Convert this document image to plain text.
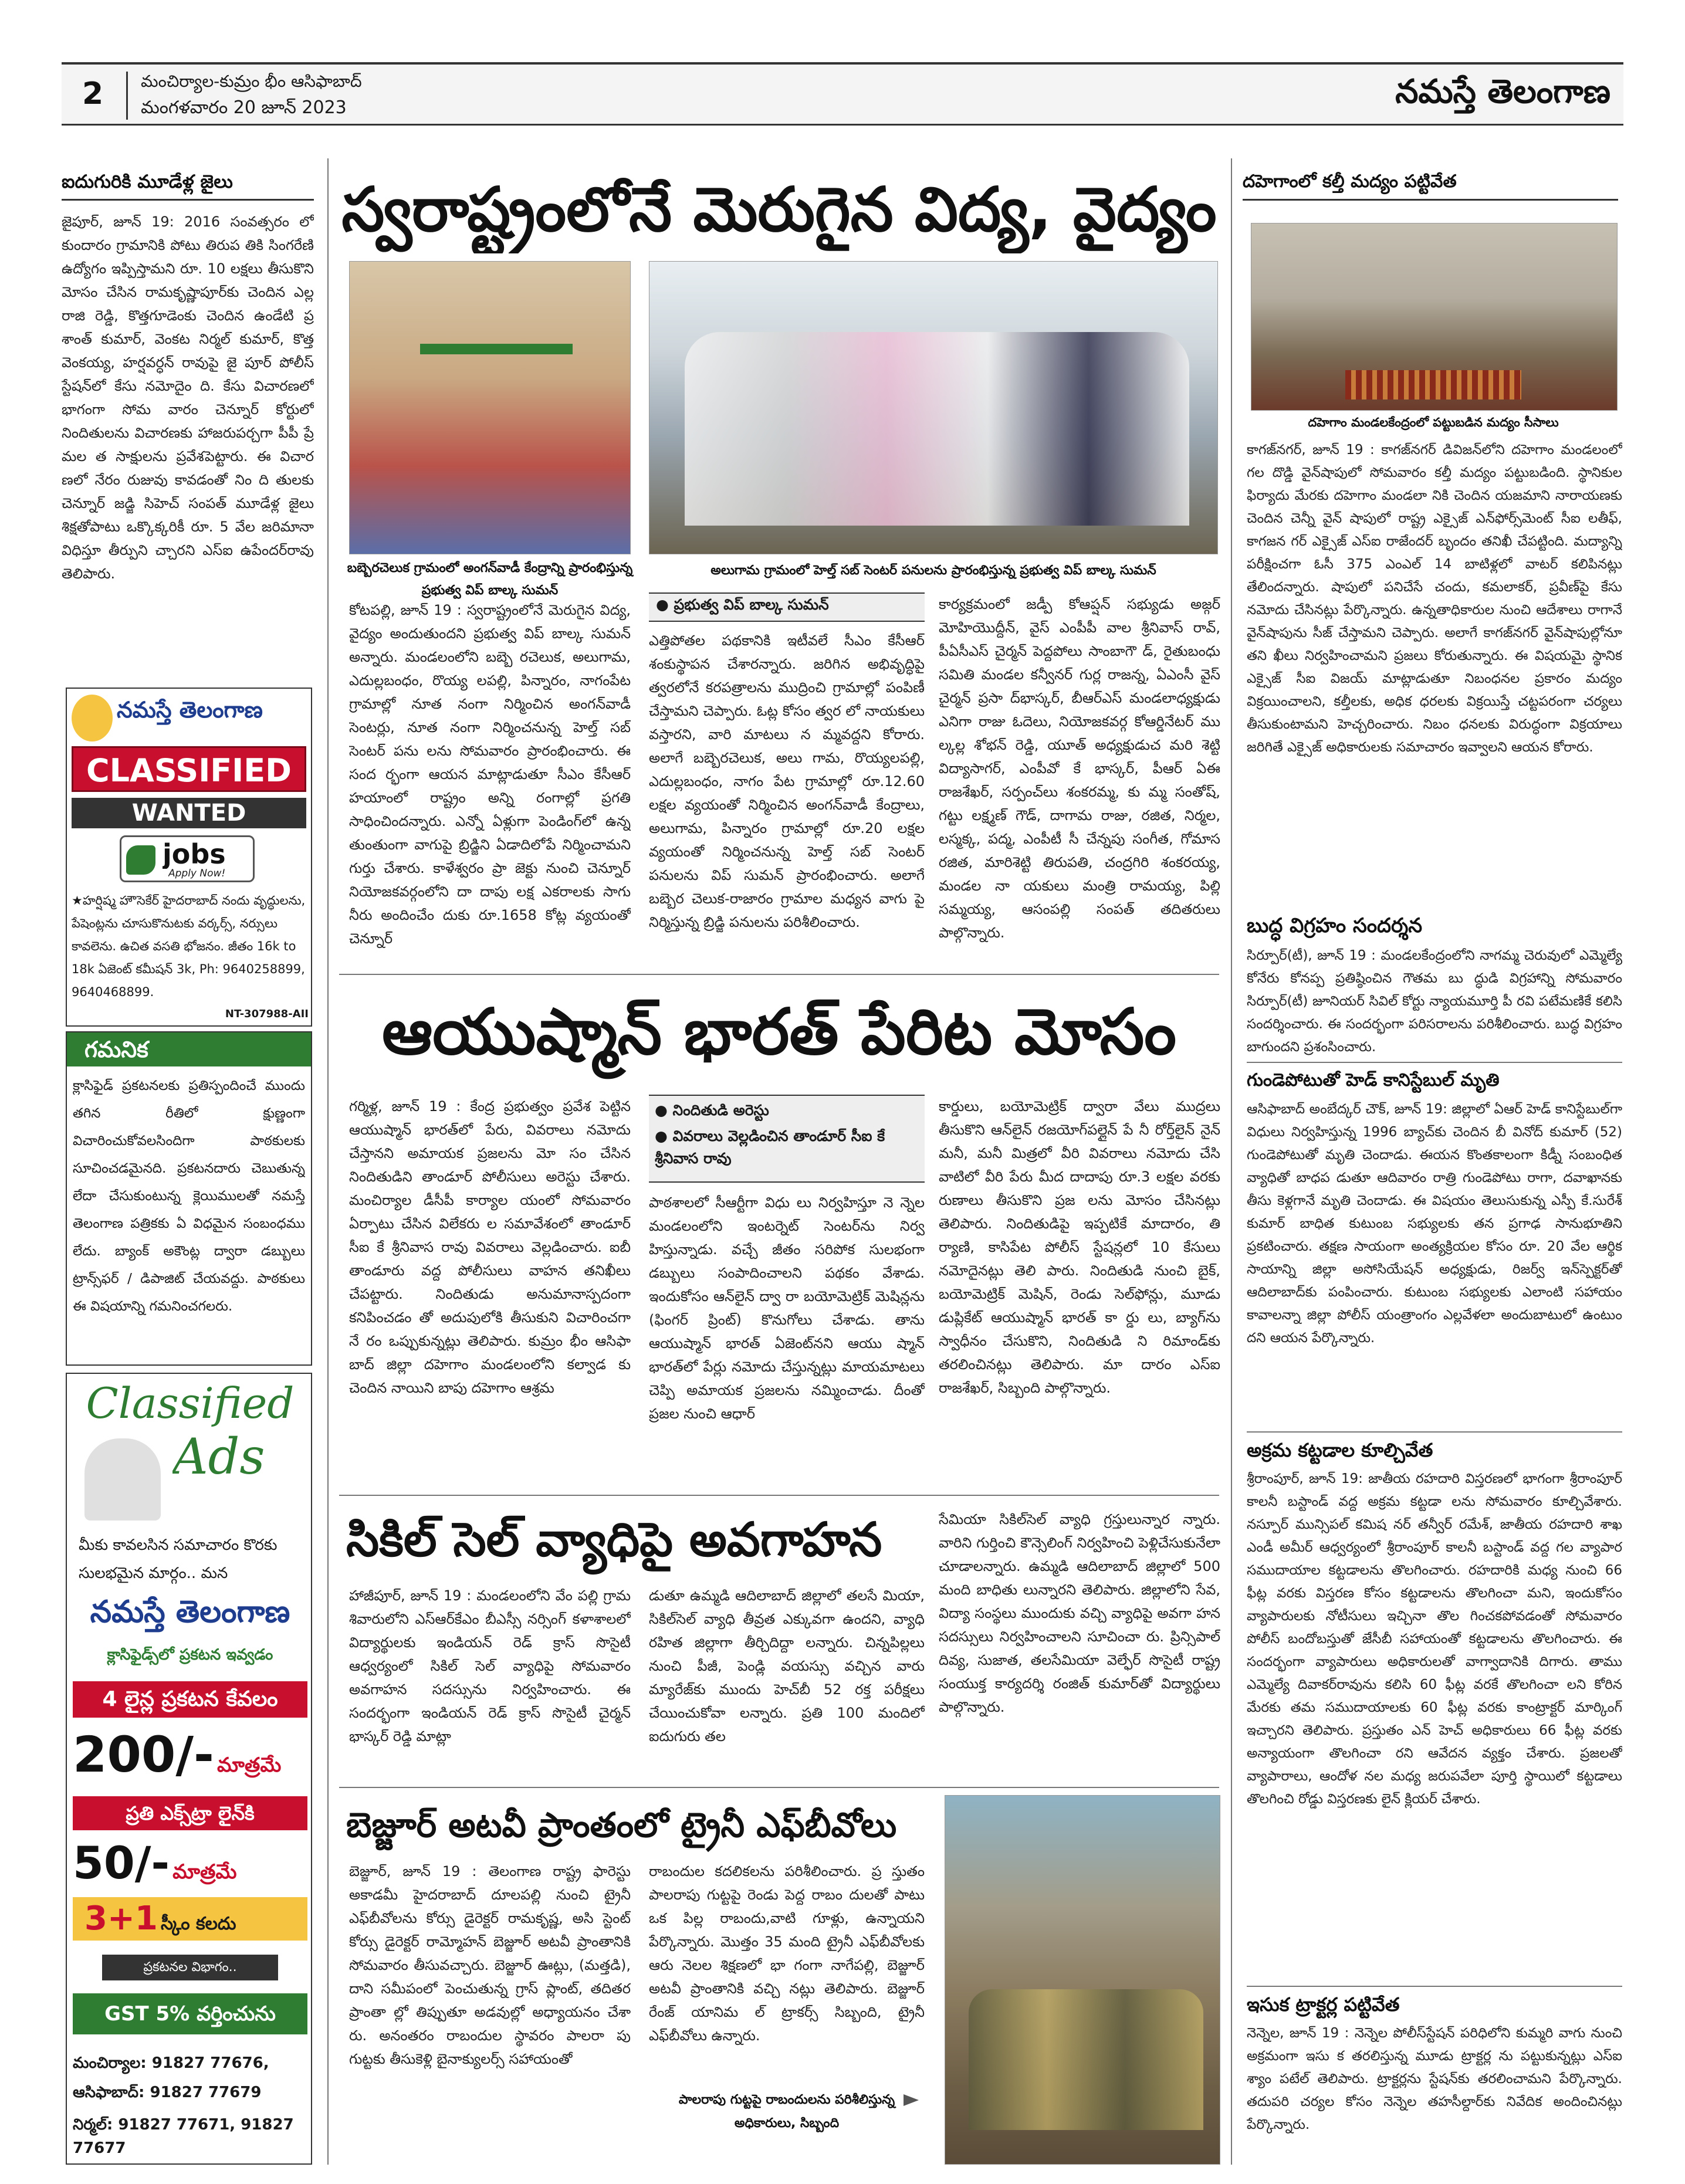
2	మంచిర్యాల-కుమ్రం భీం ఆసిఫాబాద్
మంగళవారం 20 జూన్ 2023	నమస్తే తెలంగాణ
ఐదుగురికి మూడేళ్ల జైలు
జైపూర్, జూన్ 19: 2016 సంవత్సరం లో కుందారం గ్రామానికి పోటు తిరుప తికి సింగరేణి ఉద్యోగం ఇప్పిస్తామని రూ. 10 లక్షలు తీసుకొని మోసం చేసిన రామకృష్ణాపూర్‌కు చెందిన ఎల్ల రాజి రెడ్డి, కొత్తగూడెంకు చెందిన ఉండేటి ప్ర శాంత్ కుమార్, వెంకట నిర్మల్ కుమార్, కొత్త వెంకయ్య, హర్షవర్ధన్ రావుపై జై పూర్ పోలీస్ స్టేషన్‌లో కేసు నమోదైం ది. కేసు విచారణలో భాగంగా సోమ వారం చెన్నూర్ కోర్టులో నిందితులను విచారణకు హాజరుపర్చగా పీపీ ప్రే మల త సాక్షులను ప్రవేశపెట్టారు. ఈ విచార ణలో నేరం రుజువు కావడంతో నిం ది తులకు చెన్నూర్ జడ్జి సిహెచ్ సంపత్ మూడేళ్ల జైలు శిక్షతోపాటు ఒక్కొక్కరికీ రూ. 5 వేల జరిమానా విధిస్తూ తీర్పుని చ్చారని ఎస్ఐ ఉపేందర్‌రావు తెలిపారు.
నమస్తే తెలంగాణ
CLASSIFIED
WANTED
jobs
Apply Now!
★హర్షిష్మ హౌసెకేర్ హైదరాబాద్ నందు వృద్ధులను, పేషెంట్లను చూసుకొనుటకు వర్కర్స్, నర్సులు కావలెను. ఉచిత వసతి భోజనం. జీతం 16k to 18k ఏజెంట్ కమీషన్ 3k, Ph: 9640258899, 9640468899.
NT-307988-AII
గమనిక
క్లాసిఫైడ్ ప్రకటనలకు ప్రతిస్పందించే ముందు తగిన రీతిలో క్షుణ్ణంగా విచారించుకోవలసిందిగా పాఠకులకు సూచించడమైనది. ప్రకటనదారు చెబుతున్న లేదా చేసుకుంటున్న క్లెయిములతో నమస్తే తెలంగాణ పత్రికకు ఏ విధమైన సంబంధము లేదు. బ్యాంక్ అకౌంట్ల ద్వారా డబ్బులు ట్రాన్స్‌ఫర్ / డిపాజిట్ చేయవద్దు. పాఠకులు ఈ విషయాన్ని గమనించగలరు.
Classified
Ads
మీకు కావలసిన సమాచారం కొరకు సులభమైన మార్గం.. మన
నమస్తే తెలంగాణ
క్లాసిఫైడ్స్‌లో ప్రకటన ఇవ్వడం
4 లైన్ల ప్రకటన కేవలం
200/- మాత్రమే
ప్రతి ఎక్స్‌ట్రా లైన్‌కి
50/- మాత్రమే
3+1 స్కీం కలదు
ప్రకటనల విభాగం..
GST 5% వర్తించును
మంచిర్యాల: 91827 77676, ఆసిఫాబాద్: 91827 77679
నిర్మల్: 91827 77671, 91827 77677
స్వరాష్ట్రంలోనే మెరుగైన విద్య, వైద్యం
బబ్బెరచెలుక గ్రామంలో అంగన్‌వాడీ కేంద్రాన్ని ప్రారంభిస్తున్న ప్రభుత్వ విప్ బాల్క సుమన్
అలుగామ గ్రామంలో హెల్త్ సబ్ సెంటర్ పనులను ప్రారంభిస్తున్న ప్రభుత్వ విప్ బాల్క సుమన్
కోటపల్లి, జూన్ 19 : స్వరాష్ట్రంలోనే మెరుగైన విద్య, వైద్యం అందుతుందని ప్రభుత్వ విప్ బాల్క సుమన్ అన్నారు. మండలంలోని బబ్బె రచెలుక, అలుగామ, ఎదుల్లబంధం, రొయ్య లపల్లి, పిన్నారం, నాగంపేట గ్రామాల్లో నూత నంగా నిర్మించిన అంగన్‌వాడీ సెంటర్లు, నూత నంగా నిర్మించనున్న హెల్త్ సబ్ సెంటర్ పను లను సోమవారం ప్రారంభించారు. ఈ సంద ర్భంగా ఆయన మాట్లాడుతూ సీఎం కేసీఆర్ హయాంలో రాష్ట్రం అన్ని రంగాల్లో ప్రగతి సాధించిందన్నారు. ఎన్నో ఏళ్లుగా పెండింగ్‌లో ఉన్న తుంతుంగా వాగుపై బ్రిడ్జిని ఏడాదిలోపే నిర్మించామని గుర్తు చేశారు. కాళేశ్వరం ప్రా జెక్టు నుంచి చెన్నూర్ నియోజకవర్గంలోని దా దాపు లక్ష ఎకరాలకు సాగు నీరు అందించేం దుకు రూ.1658 కోట్ల వ్యయంతో చెన్నూర్
● ప్రభుత్వ విప్ బాల్క సుమన్
ఎత్తిపోతల పథకానికి ఇటీవలే సీఎం కేసీఆర్ శంకుస్థాపన చేశారన్నారు. జరిగిన అభివృద్ధిపై త్వరలోనే కరపత్రాలను ముద్రించి గ్రామాల్లో పంపిణీ చేస్తామని చెప్పారు. ఓట్ల కోసం త్వర లో నాయకులు వస్తారని, వారి మాటలు న మ్మవద్దని కోరారు. అలాగే బబ్బెరచెలుక, అలు గామ, రొయ్యలపల్లి, ఎదుల్లబంధం, నాగం పేట గ్రామాల్లో రూ.12.60 లక్షల వ్యయంతో నిర్మించిన అంగన్‌వాడీ కేంద్రాలు, అలుగామ, పిన్నారం గ్రామాల్లో రూ.20 లక్షల వ్యయంతో నిర్మించనున్న హెల్త్ సబ్ సెంటర్ పనులను విప్ సుమన్ ప్రారంభించారు. అలాగే బబ్బెర చెలుక-రాజారం గ్రామాల మధ్యన వాగు పై నిర్మిస్తున్న బ్రిడ్జి పనులను పరిశీలించారు.
కార్యక్రమంలో జడ్పీ కోఆప్షన్ సభ్యుడు అజ్గర్ మోహియొద్దీన్, వైస్ ఎంపీపీ వాల శ్రీనివాస్ రావ్, పీఏసీఎస్ చైర్మన్ పెద్దపోలు సాంబాగౌ డ్, రైతుబంధు సమితి మండల కన్వీనర్ గుర్ల రాజన్న, ఏఎంసీ వైస్ చైర్మన్ ప్రసా ద్‌భాస్కర్, బీఆర్ఎస్ మండలాధ్యక్షుడు ఎనిగా రాజు ఓదెలు, నియోజకవర్గ కోఆర్డినేటర్ ము ల్కల్ల శోభన్ రెడ్డి, యూత్ అధ్యక్షుడుచ మరి శెట్టి విద్యాసాగర్, ఎంపీవో కే భాస్కర్, పీఆర్ ఏఈ రాజశేఖర్, సర్పంచ్‌లు శంకరమ్మ, కు మ్మ సంతోష్, గట్టు లక్ష్మణ్ గౌడ్, దాగామ రాజు, రజిత, నిర్మల, లస్మక్క, పద్మ, ఎంపీటీ సీ చేన్నపు సంగీత, గోమాస రజిత, మారిశెట్టి తిరుపతి, చంద్రగిరి శంకరయ్య, మండల నా యకులు మంత్రి రామయ్య, పిల్లి సమ్మయ్య, ఆసంపల్లి సంపత్ తదితరులు పాల్గొన్నారు.
ఆయుష్మాన్ భారత్ పేరిట మోసం
గర్మిళ్ల, జూన్ 19 : కేంద్ర ప్రభుత్వం ప్రవేశ పెట్టిన ఆయుష్మాన్ భారత్‌లో పేరు, వివరాలు నమోదు చేస్తానని అమాయక ప్రజలను మో సం చేసిన నిందితుడిని తాండూర్ పోలీసులు అరెస్టు చేశారు. మంచిర్యాల డీసీపీ కార్యాల యంలో సోమవారం ఏర్పాటు చేసిన విలేకరు ల సమావేశంలో తాండూర్ సీఐ కే శ్రీనివాస రావు వివరాలు వెల్లడించారు. ఐబీ తాండూరు వద్ద పోలీసులు వాహన తనిఖీలు చేపట్టారు. నిందితుడు అనుమానాస్పదంగా కనిపించడం తో అదుపులోకి తీసుకుని విచారించగా నే రం ఒప్పుకున్నట్లు తెలిపారు. కుమ్రం భీం ఆసిఫా బాద్ జిల్లా దహెగాం మండలంలోని కల్వాడ కు చెందిన నాయిని బాపు దహెగాం ఆశ్రమ
● నిందితుడి అరెస్టు
● వివరాలు వెల్లడించిన తాండూర్ సీఐ కే శ్రీనివాస రావు
పాఠశాలలో సీఆర్టీగా విధు లు నిర్వహిస్తూ నె న్నెల మండలంలోని ఇంటర్నెట్ సెంటర్‌ను నిర్వ హిస్తున్నాడు. వచ్చే జీతం సరిపోక సులభంగా డబ్బులు సంపాదించాలని పథకం వేశాడు. ఇందుకోసం ఆన్‌లైన్ ద్వా రా బయోమెట్రిక్ మెషిన్లను (ఫింగర్ ప్రింట్) కొనుగోలు చేశాడు. తాను ఆయుష్మాన్ భారత్ ఏజెంట్‌నని ఆయు ష్మాన్ భారత్‌లో పేర్లు నమోదు చేస్తున్నట్లు మాయమాటలు చెప్పి అమాయక ప్రజలను నమ్మించాడు. దీంతో ప్రజల నుంచి ఆధార్
కార్డులు, బయోమెట్రిక్ ద్వారా వేలు ముద్రలు తీసుకొని ఆన్‌లైన్ రజయోగ్‌పల్లైన్ పే నీ రోర్త్‌లైన్ నైన్ మనీ, మనీ మిత్రలో వీరి వివరాలు నమోదు చేసి వాటిలో వీరి పేరు మీద దాదాపు రూ.3 లక్షల వరకు రుణాలు తీసుకొని ప్రజ లను మోసం చేసినట్లు తెలిపారు. నిందితుడిపై ఇప్పటికే మాదారం, తి ర్యాణి, కాసిపేట పోలీస్ స్టేషన్లలో 10 కేసులు నమోదైనట్లు తెలి పారు. నిందితుడి నుంచి బైక్, బయోమెట్రిక్ మెషిన్, రెండు సెల్‌ఫోన్లు, మూడు డుప్లికేట్ ఆయుష్మాన్ భారత్ కా ర్డు లు, బ్యాగ్‌ను స్వాధీనం చేసుకొని, నిందితుడి ని రిమాండ్‌కు తరలించినట్లు తెలిపారు. మా దారం ఎస్ఐ రాజశేఖర్, సిబ్బంది పాల్గొన్నారు.
సికిల్ సెల్ వ్యాధిపై అవగాహన
హాజీపూర్, జూన్ 19 : మండలంలోని వేం పల్లి గ్రామ శివారులోని ఎస్ఆర్‌కేఎం బీఎస్సీ నర్సింగ్ కళాశాలలో విద్యార్థులకు ఇండియన్ రెడ్ క్రాస్ సొసైటీ ఆధ్వర్యంలో సికిల్ సెల్ వ్యాధిపై సోమవారం అవగాహన సదస్సును నిర్వహించారు. ఈ సందర్భంగా ఇండియన్ రెడ్ క్రాస్ సొసైటీ చైర్మన్ భాస్కర్ రెడ్డి మాట్లా
డుతూ ఉమ్మడి ఆదిలాబాద్ జిల్లాలో తలసే మియా, సికిల్‌సెల్ వ్యాధి తీవ్రత ఎక్కువగా ఉందని, వ్యాధి రహిత జిల్లాగా తీర్చిదిద్దా లన్నారు. చిన్నపిల్లలు నుంచి పీజీ, పెండ్లి వయస్సు వచ్చిన వారు మ్యారేజ్‌కు ముందు హెచ్‌బీ 52 రక్త పరీక్షలు చేయించుకోవా లన్నారు. ప్రతి 100 మందిలో ఐదుగురు తల
సేమియా సికిల్‌సెల్ వ్యాధి గ్రస్తులున్నార న్నారు. వారిని గుర్తించి కౌన్సెలింగ్ నిర్వహించి పెళ్లిచేసుకునేలా చూడాలన్నారు. ఉమ్మడి ఆదిలాబాద్ జిల్లాలో 500 మంది బాధితు లున్నారని తెలిపారు. జిల్లాలోని సేవ, విద్యా సంస్థలు ముందుకు వచ్చి వ్యాధిపై అవగా హన సదస్సులు నిర్వహించాలని సూచించా రు. ప్రిన్సిపాల్ దివ్య, సుజాత, తలసేమియా వెల్ఫేర్ సొసైటీ రాష్ట్ర సంయుక్త కార్యదర్శి రంజిత్ కుమార్‌తో విద్యార్థులు పాల్గొన్నారు.
బెజ్జూర్ అటవీ ప్రాంతంలో ట్రైనీ ఎఫ్‌బీవోలు
బెజ్జూర్, జూన్ 19 : తెలంగాణ రాష్ట్ర ఫారెస్టు అకాడమీ హైదరాబాద్ దూలపల్లి నుంచి ట్రైనీ ఎఫ్‌బీవోలను కోర్సు డైరెక్టర్ రామకృష్ణ, అసి స్టెంట్ కోర్సు డైరెక్టర్ రామ్మోహన్ బెజ్జూర్ అటవీ ప్రాంతానికి సోమవారం తీసువచ్చారు. బెజ్జూర్ ఊట్లు, (మత్తడి), దాని సమీపంలో పెంచుతున్న గ్రాస్ ప్లాంట్, తదితర ప్రాంతా ల్లో తిప్పుతూ అడవుల్లో అధ్యాయనం చేశా రు. అనంతరం రాబందుల స్థావరం పాలరా పు గుట్టకు తీసుకెళ్లి బైనాక్యులర్స్ సహాయంతో
రాబందుల కదలికలను పరిశీలించారు. ప్ర స్తుతం పాలరాపు గుట్టపై రెండు పెద్ద రాబం దులతో పాటు ఒక పిల్ల రాబందు,వాటి గూళ్లు, ఉన్నాయని పేర్కొన్నారు. మొత్తం 35 మంది ట్రైనీ ఎఫ్‌బీవోలకు ఆరు నెలల శిక్షణలో భా గంగా నాగేపల్లి, బెజ్జూర్ అటవీ ప్రాంతానికి వచ్చి నట్లు తెలిపారు. బెజ్జూర్ రేంజ్ యానిమ ల్ ట్రాకర్స్ సిబ్బంది, ట్రైనీ ఎఫ్‌బీవోలు ఉన్నారు.
పాలరాపు గుట్టపై రాబందులను పరిశీలిస్తున్న అధికారులు, సిబ్బంది
దహెగాంలో కల్తీ మద్యం పట్టివేత
దహెగాం మండలకేంద్రంలో పట్టుబడిన మద్యం సీసాలు
కాగజ్‌నగర్, జూన్ 19 : కాగజ్‌నగర్ డివిజన్‌లోని దహెగాం మండలంలో గల దొడ్డి వైన్‌షాపులో సోమవారం కల్తీ మద్యం పట్టుబడింది. స్థానికుల ఫిర్యాదు మేరకు దహెగాం మండలా నికి చెందిన యజమాని నారాయణకు చెందిన చెన్నీ వైన్ షాపులో రాష్ట్ర ఎక్సైజ్ ఎన్‌ఫోర్స్‌మెంట్ సీఐ లతీఫ్, కాగజన గర్ ఎక్సైజ్ ఎస్ఐ రాజేందర్ బృందం తనిఖీ చేపట్టింది. మద్యాన్ని పరీక్షించగా ఓసీ 375 ఎంఎల్ 14 బాటిళ్లలో వాటర్ కలిపినట్లు తేలిందన్నారు. షాపులో పనిచేసే చందు, కమలాకర్, ప్రవీణ్‌పై కేసు నమోదు చేసినట్లు పేర్కొన్నారు. ఉన్నతాధికారుల నుంచి ఆదేశాలు రాగానే వైన్‌షాపును సీజ్ చేస్తామని చెప్పారు. అలాగే కాగజ్‌నగర్ వైన్‌షాపుల్లోనూ తని ఖీలు నిర్వహించామని ప్రజలు కోరుతున్నారు. ఈ విషయమై స్థానిక ఎక్సైజ్ సీఐ విజయ్ మాట్లాడుతూ నిబంధనల ప్రకారం మద్యం విక్రయించాలని, కల్తీలకు, అధిక ధరలకు విక్రయిస్తే చట్టపరంగా చర్యలు తీసుకుంటామని హెచ్చరించారు. నిబం ధనలకు విరుద్ధంగా విక్రయాలు జరిగితే ఎక్సైజ్ అధికారులకు సమాచారం ఇవ్వాలని ఆయన కోరారు.
బుద్ధ విగ్రహం సందర్శన
సిర్పూర్(టీ), జూన్ 19 : మండలకేంద్రంలోని నాగమ్మ చెరువులో ఎమ్మెల్యే కోనేరు కోనప్ప ప్రతిష్ఠించిన గౌతమ బు ద్ధుడి విగ్రహాన్ని సోమవారం సిర్పూర్(టీ) జూనియర్ సివిల్ కోర్టు న్యాయమూర్తి పీ రవి పటేమణికే కలిసి సందర్శించారు. ఈ సందర్భంగా పరిసరాలను పరిశీలించారు. బుద్ధ విగ్రహం బాగుందని ప్రశంసించారు.
గుండెపోటుతో హెడ్ కానిస్టేబుల్ మృతి
ఆసిఫాబాద్ అంబేద్కర్ చౌక్, జూన్ 19: జిల్లాలో ఏఆర్ హెడ్ కానిస్టేబుల్‌గా విధులు నిర్వహిస్తున్న 1996 బ్యాచ్‌కు చెందిన బీ వినోద్ కుమార్ (52) గుండెపోటుతో మృతి చెందాడు. ఈయన కొంతకాలంగా కిడ్నీ సంబంధిత వ్యాధితో బాధప డుతూ ఆదివారం రాత్రి గుండెపోటు రాగా, దవాఖానకు తీసు కెళ్లగానే మృతి చెందాడు. ఈ విషయం తెలుసుకున్న ఎస్పీ కే.సురేశ్ కుమార్ బాధిత కుటుంబ సభ్యులకు తన ప్రగాఢ సానుభూతిని ప్రకటించారు. తక్షణ సాయంగా అంత్యక్రియల కోసం రూ. 20 వేల ఆర్థిక సాయాన్ని జిల్లా అసోసియేషన్ అధ్యక్షుడు, రిజర్వ్ ఇన్‌స్పెక్టర్‌తో ఆదిలాబాద్‌కు పంపించారు. కుటుంబ సభ్యులకు ఎలాంటి సహాయం కావాలన్నా జిల్లా పోలీస్ యంత్రాంగం ఎల్లవేళలా అందుబాటులో ఉంటుం దని ఆయన పేర్కొన్నారు.
అక్రమ కట్టడాల కూల్చివేత
శ్రీరాంపూర్, జూన్ 19: జాతీయ రహదారి విస్తరణలో భాగంగా శ్రీరాంపూర్ కాలనీ బస్టాండ్ వద్ద అక్రమ కట్టడా లను సోమవారం కూల్చివేశారు. నస్పూర్ మున్సిపల్ కమిష నర్ తన్వీర్ రమేశ్, జాతీయ రహదారి శాఖ ఎండీ అమీర్ ఆధ్వర్యంలో శ్రీరాంపూర్ కాలనీ బస్టాండ్ వద్ద గల వ్యాపార సముదాయాల కట్టడాలను తొలగించారు. రహదారికి మధ్య నుంచి 66 ఫీట్ల వరకు విస్తరణ కోసం కట్టడాలను తొలగించా మని, ఇందుకోసం వ్యాపారులకు నోటీసులు ఇచ్చినా తొల గించకపోవడంతో సోమవారం పోలీస్ బందోబస్తుతో జేసీబీ సహాయంతో కట్టడాలను తొలగించారు. ఈ సందర్భంగా వ్యాపారులు అధికారులతో వాగ్వాదానికి దిగారు. తాము ఎమ్మెల్యే దివాకర్‌రావును కలిసి 60 ఫీట్ల వరకే తొలగించా లని కోరిన మేరకు తమ సముదాయాలకు 60 ఫీట్ల వరకు కాంట్రాక్టర్ మార్కింగ్ ఇచ్చారని తెలిపారు. ప్రస్తుతం ఎన్ హెచ్ అధికారులు 66 ఫీట్ల వరకు అన్యాయంగా తొలగించా రని ఆవేదన వ్యక్తం చేశారు. ప్రజలతో వ్యాపారాలు, ఆందోళ నల మధ్య జరుపవేలా పూర్తి స్థాయిలో కట్టడాలు తొలగించి రోడ్డు విస్తరణకు లైన్ క్లియర్ చేశారు.
ఇసుక ట్రాక్టర్ల పట్టివేత
నెన్నెల, జూన్ 19 : నెన్నెల పోలీస్‌స్టేషన్ పరిధిలోని కుమ్మరి వాగు నుంచి అక్రమంగా ఇసు క తరలిస్తున్న మూడు ట్రాక్టర్ల ను పట్టుకున్నట్లు ఎస్ఐ శ్యాం పటేల్ తెలిపారు. ట్రాక్టర్లను స్టేషన్‌కు తరలించామని పేర్కొన్నారు. తదుపరి చర్యల కోసం నెన్నెల తహసీల్దార్‌కు నివేదిక అందించినట్లు పేర్కొన్నారు.
